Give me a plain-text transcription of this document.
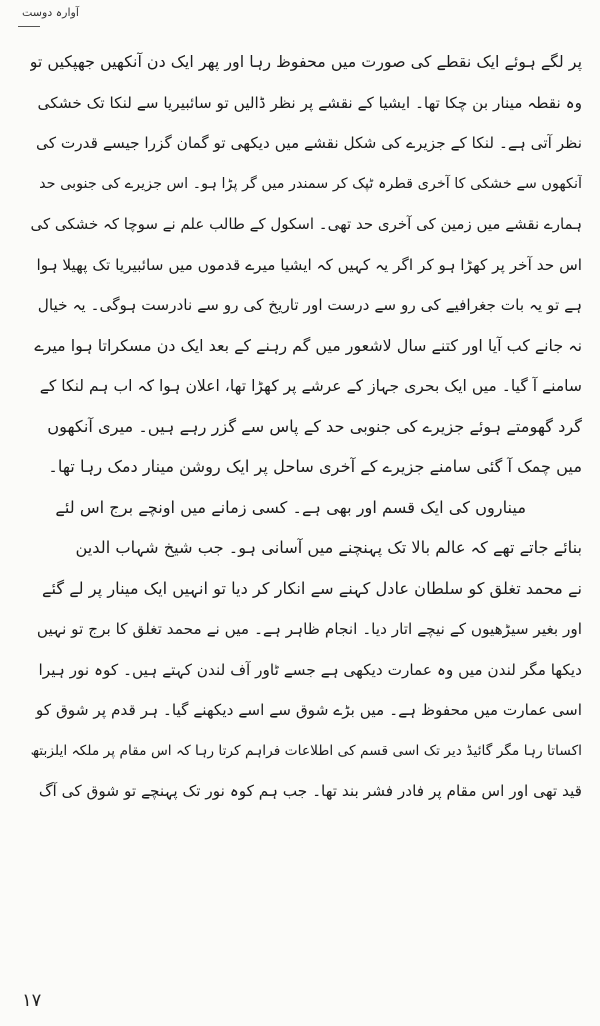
آوارہ دوست
پر لگے ہوئے ایک نقطے کی صورت میں محفوظ رہا اور پھر ایک دن آنکھیں جھپکیں تو
وہ نقطہ مینار بن چکا تھا۔ ایشیا کے نقشے پر نظر ڈالیں تو سائبیریا سے لنکا تک خشکی
نظر آتی ہے۔ لنکا کے جزیرے کی شکل نقشے میں دیکھی تو گمان گزرا جیسے قدرت کی
آنکھوں سے خشکی کا آخری قطرہ ٹپک کر سمندر میں گر پڑا ہو۔ اس جزیرے کی جنوبی حد
ہمارے نقشے میں زمین کی آخری حد تھی۔ اسکول کے طالب علم نے سوچا کہ خشکی کی
اس حد آخر پر کھڑا ہو کر اگر یہ کہیں کہ ایشیا میرے قدموں میں سائبیریا تک پھیلا ہوا
ہے تو یہ بات جغرافیے کی رو سے درست اور تاریخ کی رو سے نادرست ہوگی۔ یہ خیال
نہ جانے کب آیا اور کتنے سال لاشعور میں گم رہنے کے بعد ایک دن مسکراتا ہوا میرے
سامنے آ گیا۔ میں ایک بحری جہاز کے عرشے پر کھڑا تھا، اعلان ہوا کہ اب ہم لنکا کے
گرد گھومتے ہوئے جزیرے کی جنوبی حد کے پاس سے گزر رہے ہیں۔ میری آنکھوں
میں چمک آ گئی سامنے جزیرے کے آخری ساحل پر ایک روشن مینار دمک رہا تھا۔
میناروں کی ایک قسم اور بھی ہے۔ کسی زمانے میں اونچے برج اس لئے
بنائے جاتے تھے کہ عالم بالا تک پہنچنے میں آسانی ہو۔ جب شیخ شہاب الدین
نے محمد تغلق کو سلطان عادل کہنے سے انکار کر دیا تو انہیں ایک مینار پر لے گئے
اور بغیر سیڑھیوں کے نیچے اتار دیا۔ انجام ظاہر ہے۔ میں نے محمد تغلق کا برج تو نہیں
دیکھا مگر لندن میں وہ عمارت دیکھی ہے جسے ٹاور آف لندن کہتے ہیں۔ کوہ نور ہیرا
اسی عمارت میں محفوظ ہے۔ میں بڑے شوق سے اسے دیکھنے گیا۔ ہر قدم پر شوق کو
اکساتا رہا مگر گائیڈ دیر تک اسی قسم کی اطلاعات فراہم کرتا رہا کہ اس مقام پر ملکہ ایلزبتھ
قید تھی اور اس مقام پر فادر فشر بند تھا۔ جب ہم کوہ نور تک پہنچے تو شوق کی آگ
۱۷
